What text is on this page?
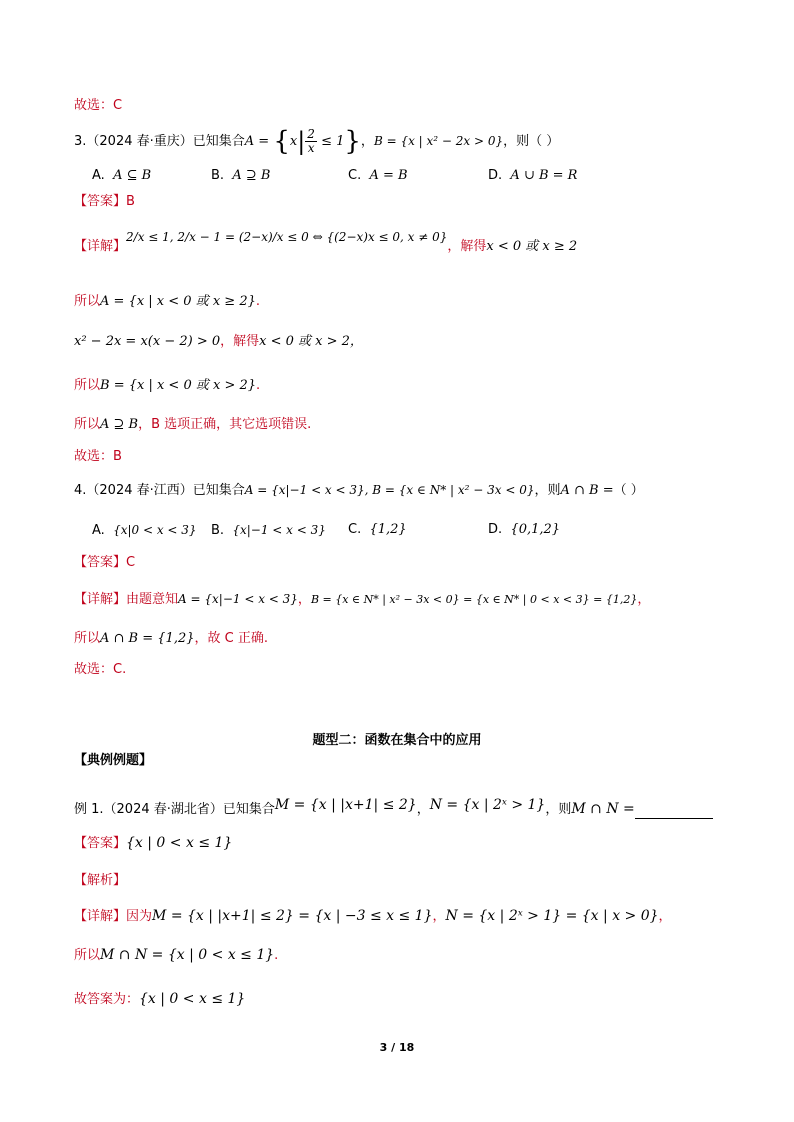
故选：C
3.（2024 春·重庆）已知集合$A = \{x| \frac{2}{x} \le 1\}$，B = {x | x² − 2x > 0}，则（ ）
A. A ⊆ B	B. A ⊇ B	C. A = B	D. A ∪ B = R
【答案】B
【详解】2/x ≤ 1, 2/x − 1 = (2−x)/x ≤ 0 ⇔ {(2−x)x ≤ 0, x ≠ 0}，解得x < 0 或 x ≥ 2
所以A = {x | x < 0 或 x ≥ 2}.
x² − 2x = x(x − 2) > 0，解得x < 0 或 x > 2，
所以B = {x | x < 0 或 x > 2}.
所以A ⊇ B，B 选项正确，其它选项错误.
故选：B
4.（2024 春·江西）已知集合A = {x|−1 < x < 3}, B = {x ∈ N* | x² − 3x < 0}，则A ∩ B =（ ）
A. {x|0 < x < 3} B. {x|−1 < x < 3} C. {1,2}	D. {0,1,2}
【答案】C
【详解】由题意知A = {x|−1 < x < 3}，B = {x ∈ N* | x² − 3x < 0} = {x ∈ N* | 0 < x < 3} = {1,2}，
所以A ∩ B = {1,2}，故 C 正确.
故选：C.
题型二：函数在集合中的应用
【典例例题】
例 1.（2024 春·湖北省）已知集合M = {x | |x+1| ≤ 2}，N = {x | 2ˣ > 1}，则M ∩ N =
【答案】{x | 0 < x ≤ 1}
【解析】
【详解】因为M = {x | |x+1| ≤ 2} = {x | −3 ≤ x ≤ 1}，N = {x | 2ˣ > 1} = {x | x > 0}，
所以M ∩ N = {x | 0 < x ≤ 1}.
故答案为：{x | 0 < x ≤ 1}
3 / 18
